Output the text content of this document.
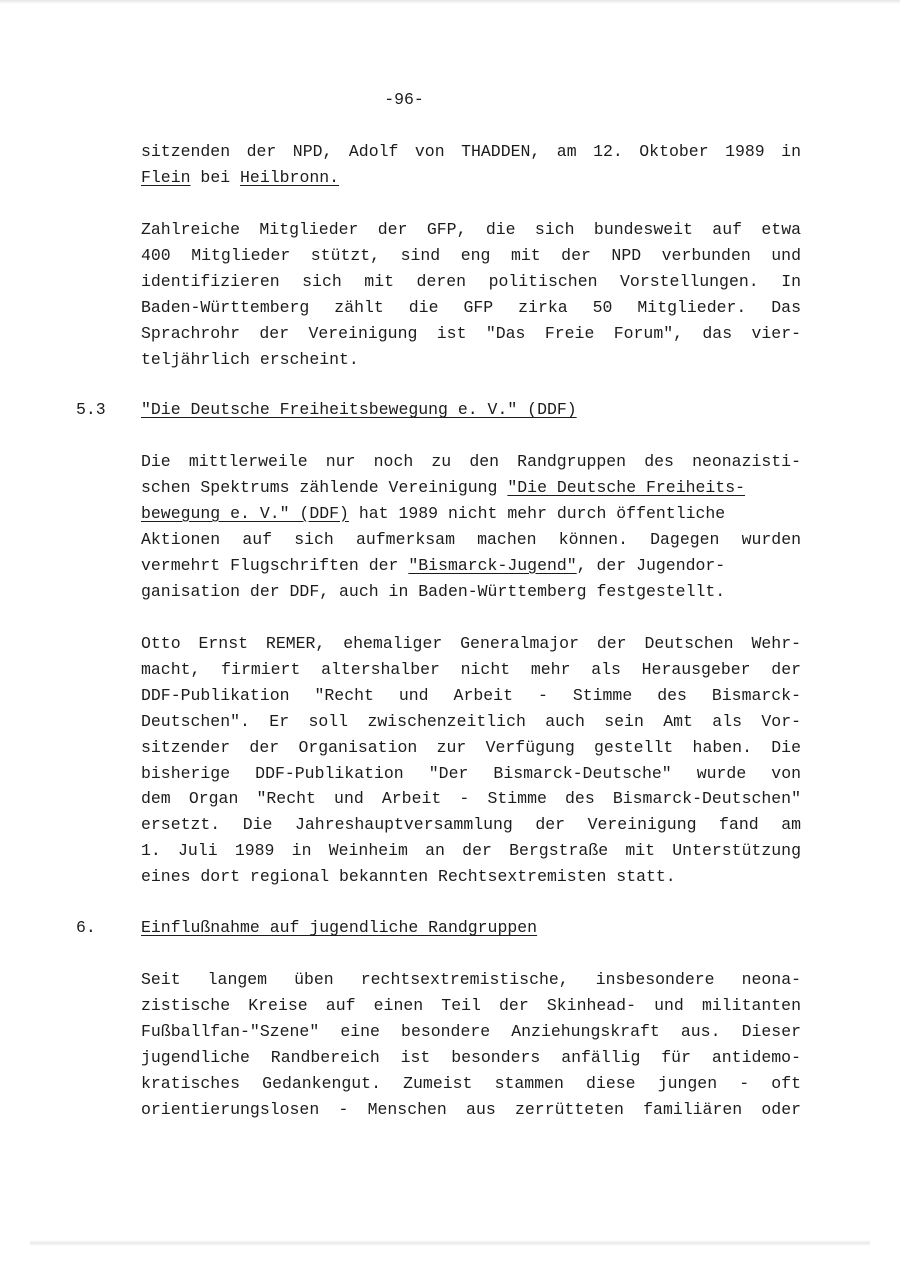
-96-
sitzenden der NPD, Adolf von THADDEN, am 12. Oktober 1989 in
Flein bei Heilbronn.
Zahlreiche Mitglieder der GFP, die sich bundesweit auf etwa
400 Mitglieder stützt, sind eng mit der NPD verbunden und
identifizieren sich mit deren politischen Vorstellungen. In
Baden-Württemberg zählt die GFP zirka 50 Mitglieder. Das
Sprachrohr der Vereinigung ist "Das Freie Forum", das vier-
teljährlich erscheint.
5.3 "Die Deutsche Freiheitsbewegung e. V." (DDF)
Die mittlerweile nur noch zu den Randgruppen des neonazisti-
schen Spektrums zählende Vereinigung "Die Deutsche Freiheits-
bewegung e. V." (DDF) hat 1989 nicht mehr durch öffentliche
Aktionen auf sich aufmerksam machen können. Dagegen wurden
vermehrt Flugschriften der "Bismarck-Jugend", der Jugendor-
ganisation der DDF, auch in Baden-Württemberg festgestellt.
Otto Ernst REMER, ehemaliger Generalmajor der Deutschen Wehr-
macht, firmiert altershalber nicht mehr als Herausgeber der
DDF-Publikation "Recht und Arbeit - Stimme des Bismarck-
Deutschen". Er soll zwischenzeitlich auch sein Amt als Vor-
sitzender der Organisation zur Verfügung gestellt haben. Die
bisherige DDF-Publikation "Der Bismarck-Deutsche" wurde von
dem Organ "Recht und Arbeit - Stimme des Bismarck-Deutschen"
ersetzt. Die Jahreshauptversammlung der Vereinigung fand am
1. Juli 1989 in Weinheim an der Bergstraße mit Unterstützung
eines dort regional bekannten Rechtsextremisten statt.
6.	Einflußnahme auf jugendliche Randgruppen
Seit langem üben rechtsextremistische, insbesondere neona-
zistische Kreise auf einen Teil der Skinhead- und militanten
Fußballfan-"Szene" eine besondere Anziehungskraft aus. Dieser
jugendliche Randbereich ist besonders anfällig für antidemo-
kratisches Gedankengut. Zumeist stammen diese jungen - oft
orientierungslosen - Menschen aus zerrütteten familiären oder
